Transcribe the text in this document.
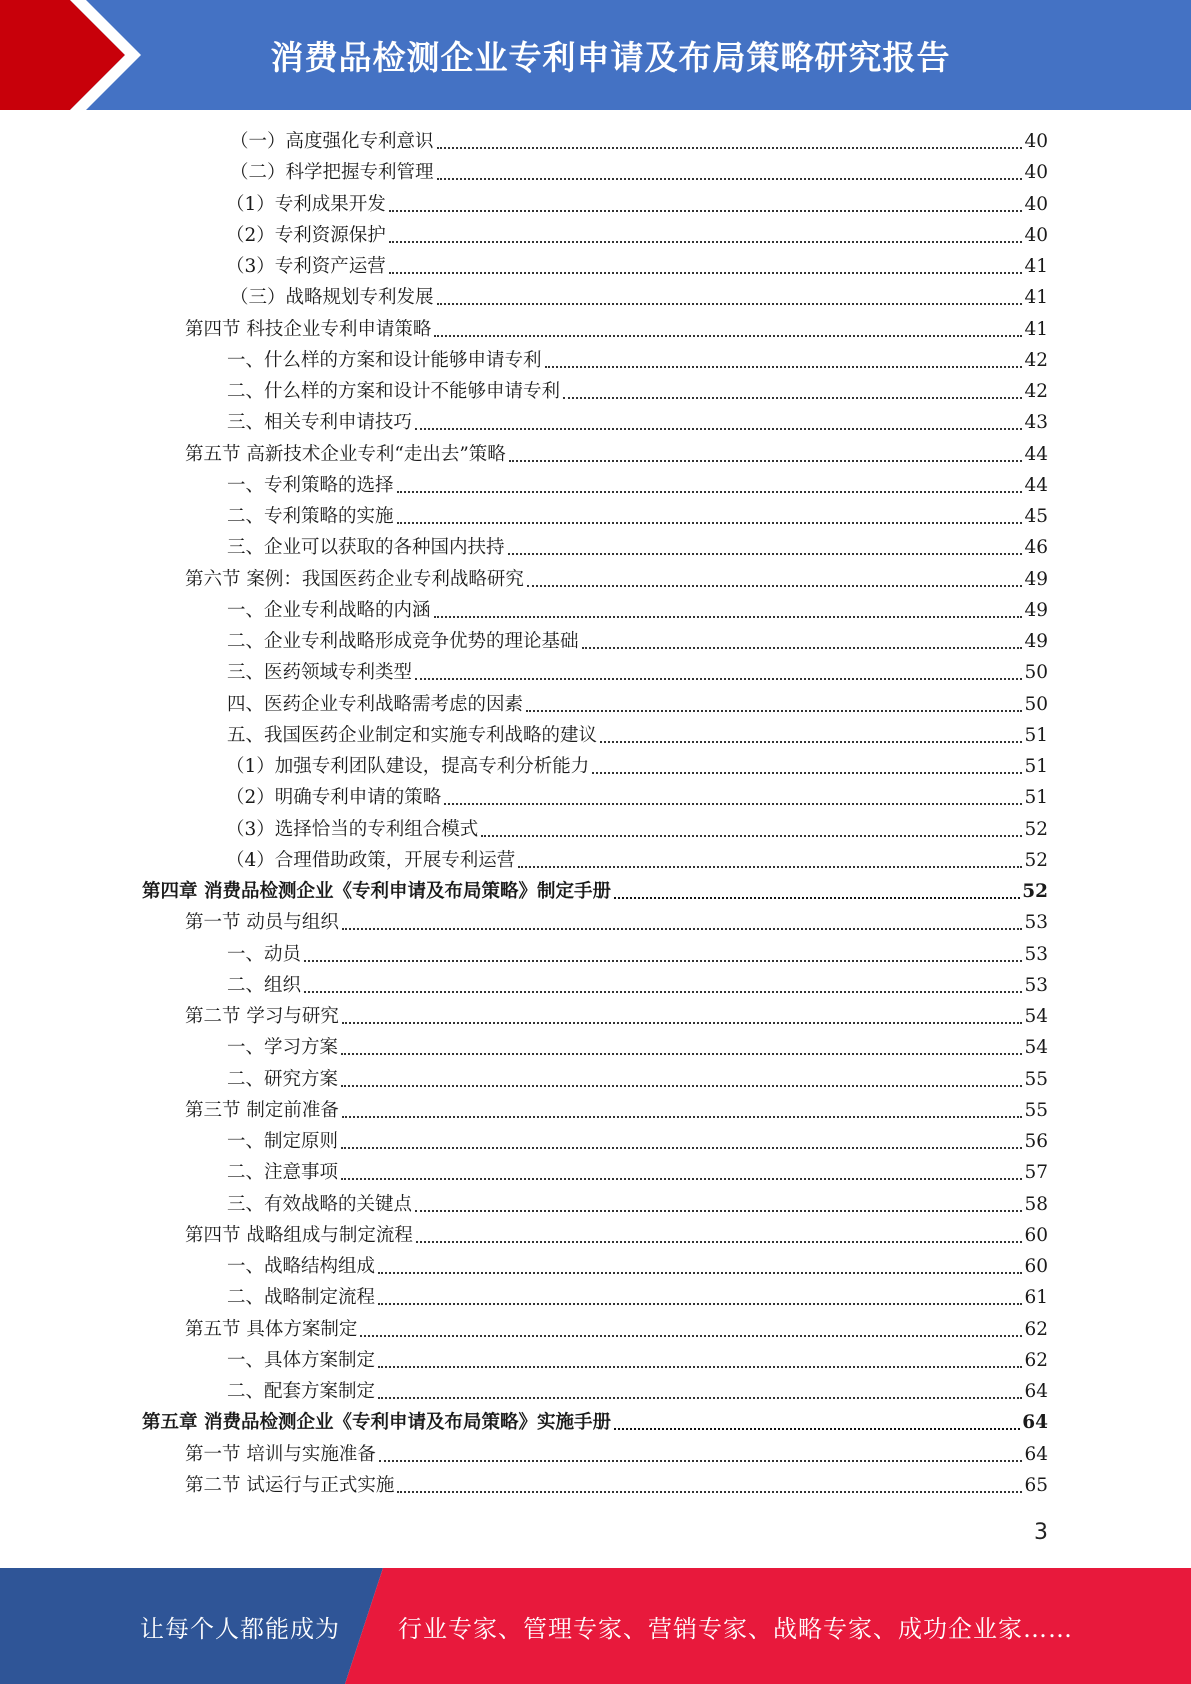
消费品检测企业专利申请及布局策略研究报告
（一）高度强化专利意识	40
（二）科学把握专利管理	40
（1）专利成果开发	40
（2）专利资源保护	40
（3）专利资产运营	41
（三）战略规划专利发展	41
第四节 科技企业专利申请策略	41
一、什么样的方案和设计能够申请专利	42
二、什么样的方案和设计不能够申请专利	42
三、相关专利申请技巧	43
第五节 高新技术企业专利“走出去”策略	44
一、专利策略的选择	44
二、专利策略的实施	45
三、企业可以获取的各种国内扶持	46
第六节 案例：我国医药企业专利战略研究	49
一、企业专利战略的内涵	49
二、企业专利战略形成竞争优势的理论基础	49
三、医药领域专利类型	50
四、医药企业专利战略需考虑的因素	50
五、我国医药企业制定和实施专利战略的建议	51
（1）加强专利团队建设，提高专利分析能力	51
（2）明确专利申请的策略	51
（3）选择恰当的专利组合模式	52
（4）合理借助政策，开展专利运营	52
第四章 消费品检测企业《专利申请及布局策略》制定手册	52
第一节 动员与组织	53
一、动员	53
二、组织	53
第二节 学习与研究	54
一、学习方案	54
二、研究方案	55
第三节 制定前准备	55
一、制定原则	56
二、注意事项	57
三、有效战略的关键点	58
第四节 战略组成与制定流程	60
一、战略结构组成	60
二、战略制定流程	61
第五节 具体方案制定	62
一、具体方案制定	62
二、配套方案制定	64
第五章 消费品检测企业《专利申请及布局策略》实施手册	64
第一节 培训与实施准备	64
第二节 试运行与正式实施	65
3
让每个人都能成为 行业专家、管理专家、营销专家、战略专家、成功企业家……
